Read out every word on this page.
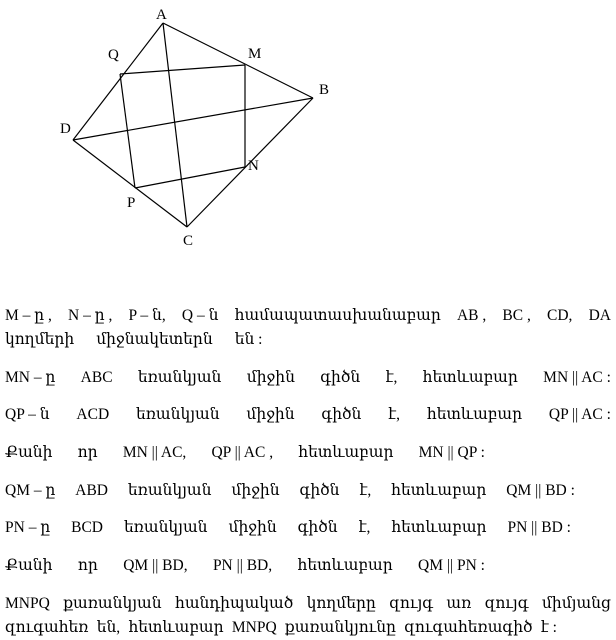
A
M
Q
B
D
N
P
C
M – ը , N – ը , P – ն, Q – ն համապատասխանաբար AB , BC , CD, DA
կողմերի միջնակետերն են :
MN – ը ABC եռանկյան միջին գիծն է, հետևաբար MN || AC :
QP – ն ACD եռանկյան միջին գիծն է, հետևաբար QP || AC :
Քանի որ MN || AC, QP || AC , հետևաբար MN || QP :
QM – ը ABD եռանկյան միջին գիծն է, հետևաբար QM || BD :
PN – ը BCD եռանկյան միջին գիծն է, հետևաբար PN || BD :
Քանի որ QM || BD, PN || BD, հետևաբար QM || PN :
MNPQ քառանկյան հանդիպակած կողմերը զույգ առ զույգ միմյանց
զուգահեռ են, հետևաբար MNPQ քառանկյունը զուգահեռագիծ է :
